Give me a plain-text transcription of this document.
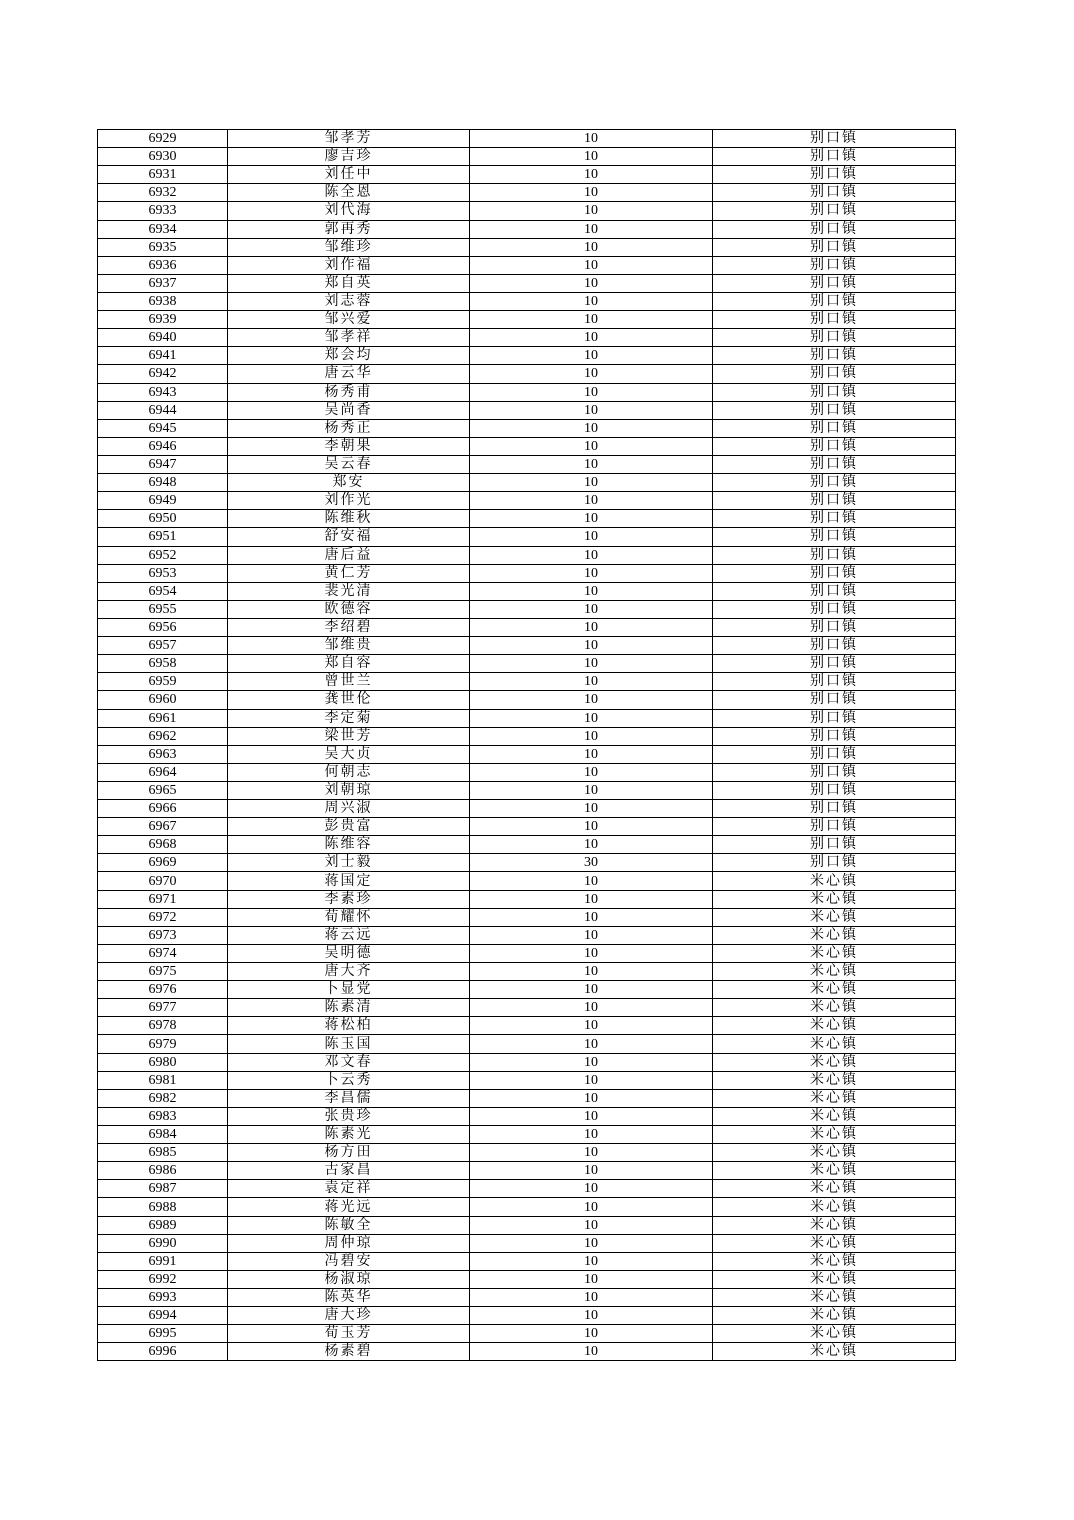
6929	邹孝芳	10	别口镇
6930	廖吉珍	10	别口镇
6931	刘任中	10	别口镇
6932	陈全恩	10	别口镇
6933	刘代海	10	别口镇
6934	郭再秀	10	别口镇
6935	邹维珍	10	别口镇
6936	刘作福	10	别口镇
6937	郑自英	10	别口镇
6938	刘志蓉	10	别口镇
6939	邹兴爱	10	别口镇
6940	邹孝祥	10	别口镇
6941	郑会均	10	别口镇
6942	唐云华	10	别口镇
6943	杨秀甫	10	别口镇
6944	吴尚香	10	别口镇
6945	杨秀正	10	别口镇
6946	李朝果	10	别口镇
6947	吴云春	10	别口镇
6948	郑安	10	别口镇
6949	刘作光	10	别口镇
6950	陈维秋	10	别口镇
6951	舒安福	10	别口镇
6952	唐后益	10	别口镇
6953	黄仁芳	10	别口镇
6954	裴光清	10	别口镇
6955	欧德容	10	别口镇
6956	李绍碧	10	别口镇
6957	邹维贵	10	别口镇
6958	郑自容	10	别口镇
6959	曾世兰	10	别口镇
6960	龚世伦	10	别口镇
6961	李定菊	10	别口镇
6962	梁世芳	10	别口镇
6963	吴大贞	10	别口镇
6964	何朝志	10	别口镇
6965	刘朝琼	10	别口镇
6966	周兴淑	10	别口镇
6967	彭贵富	10	别口镇
6968	陈维容	10	别口镇
6969	刘士毅	30	别口镇
6970	蒋国定	10	米心镇
6971	李素珍	10	米心镇
6972	荀耀怀	10	米心镇
6973	蒋云远	10	米心镇
6974	吴明德	10	米心镇
6975	唐大齐	10	米心镇
6976	卜显党	10	米心镇
6977	陈素清	10	米心镇
6978	蒋松柏	10	米心镇
6979	陈玉国	10	米心镇
6980	邓文春	10	米心镇
6981	卜云秀	10	米心镇
6982	李昌儒	10	米心镇
6983	张贵珍	10	米心镇
6984	陈素光	10	米心镇
6985	杨方田	10	米心镇
6986	古家昌	10	米心镇
6987	袁定祥	10	米心镇
6988	蒋光远	10	米心镇
6989	陈敏全	10	米心镇
6990	周仲琼	10	米心镇
6991	冯碧安	10	米心镇
6992	杨淑琼	10	米心镇
6993	陈英华	10	米心镇
6994	唐大珍	10	米心镇
6995	荀玉芳	10	米心镇
6996	杨素碧	10	米心镇
